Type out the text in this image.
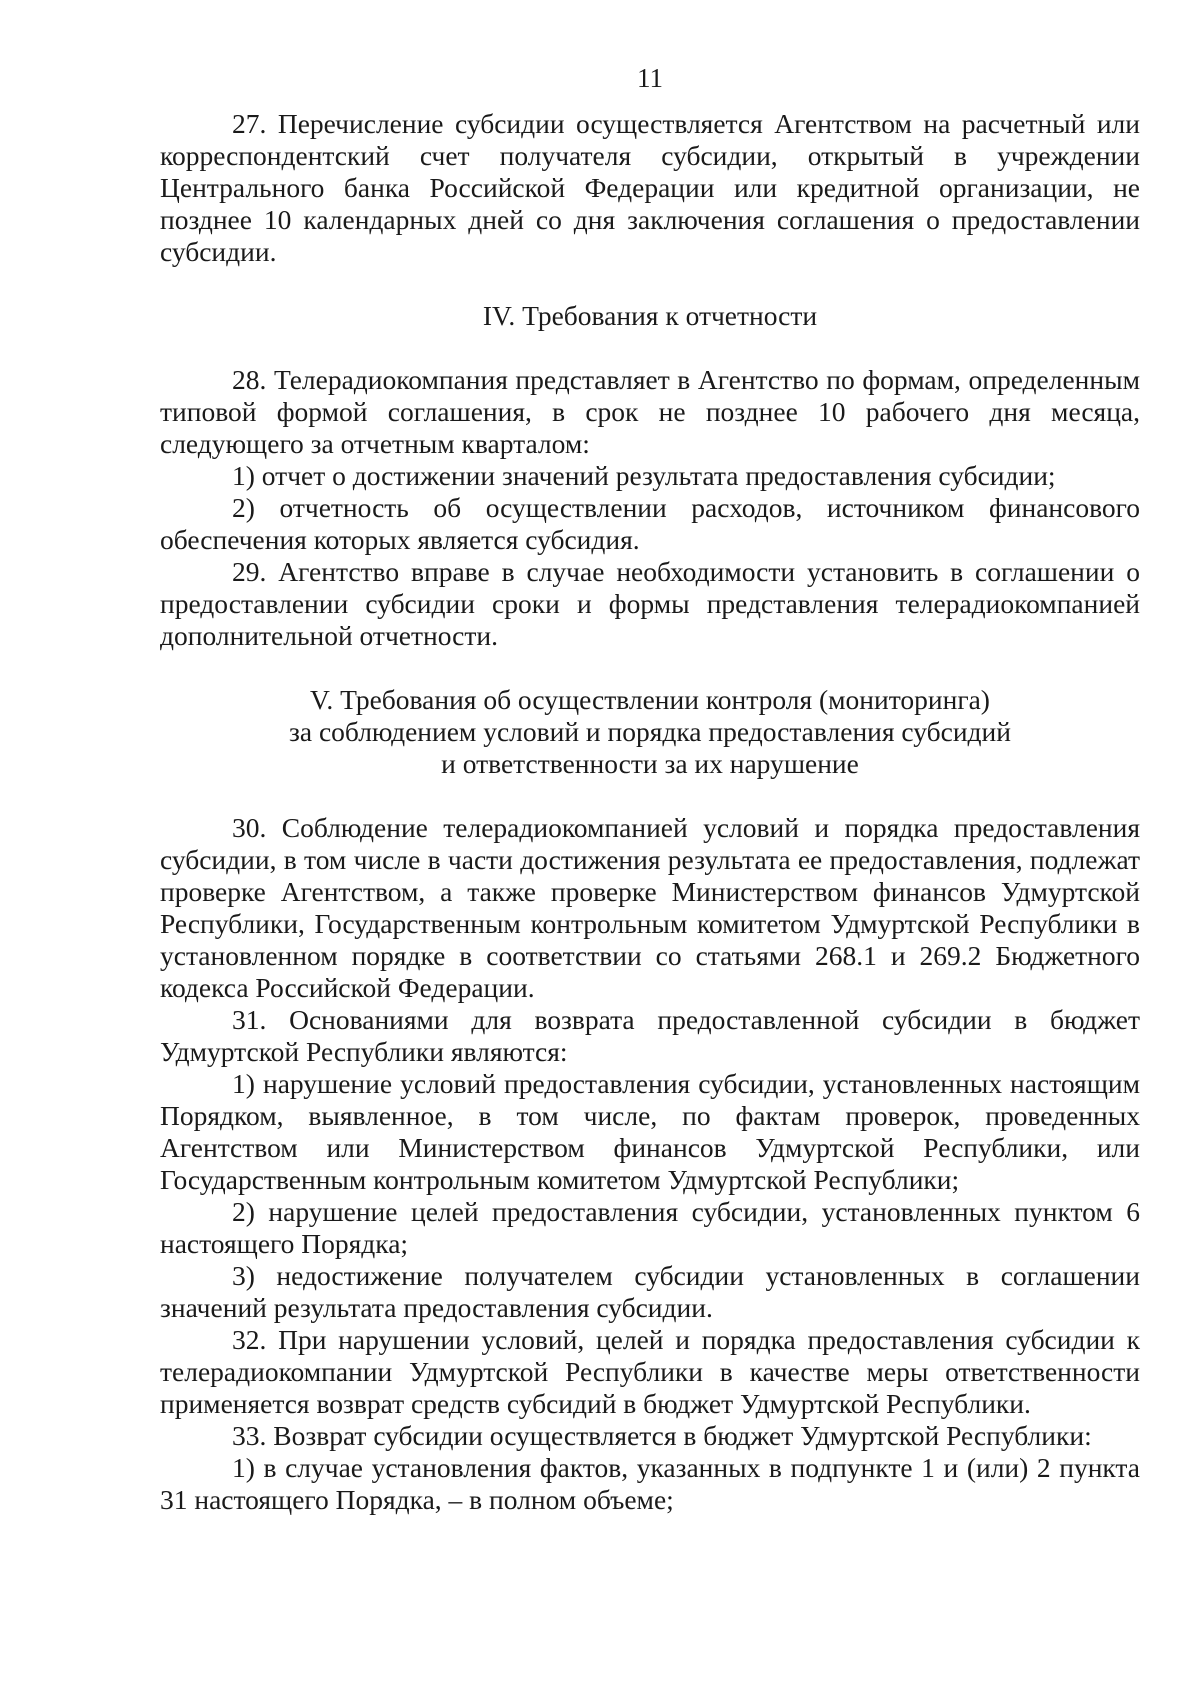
11

27. Перечисление субсидии осуществляется Агентством на расчетный или корреспондентский счет получателя субсидии, открытый в учреждении Центрального банка Российской Федерации или кредитной организации, не позднее 10 календарных дней со дня заключения соглашения о предоставлении субсидии.

IV. Требования к отчетности

28. Телерадиокомпания представляет в Агентство по формам, определенным типовой формой соглашения, в срок не позднее 10 рабочего дня месяца, следующего за отчетным кварталом:

1) отчет о достижении значений результата предоставления субсидии;

2) отчетность об осуществлении расходов, источником финансового обеспечения которых является субсидия.

29. Агентство вправе в случае необходимости установить в соглашении о предоставлении субсидии сроки и формы представления телерадиокомпанией дополнительной отчетности.

V. Требования об осуществлении контроля (мониторинга)
за соблюдением условий и порядка предоставления субсидий
и ответственности за их нарушение

30. Соблюдение телерадиокомпанией условий и порядка предоставления субсидии, в том числе в части достижения результата ее предоставления, подлежат проверке Агентством, а также проверке Министерством финансов Удмуртской Республики, Государственным контрольным комитетом Удмуртской Республики в установленном порядке в соответствии со статьями 268.1 и 269.2 Бюджетного кодекса Российской Федерации.

31. Основаниями для возврата предоставленной субсидии в бюджет Удмуртской Республики являются:

1) нарушение условий предоставления субсидии, установленных настоящим Порядком, выявленное, в том числе, по фактам проверок, проведенных Агентством или Министерством финансов Удмуртской Республики, или Государственным контрольным комитетом Удмуртской Республики;

2) нарушение целей предоставления субсидии, установленных пунктом 6 настоящего Порядка;

3) недостижение получателем субсидии установленных в соглашении значений результата предоставления субсидии.

32. При нарушении условий, целей и порядка предоставления субсидии к телерадиокомпании Удмуртской Республики в качестве меры ответственности применяется возврат средств субсидий в бюджет Удмуртской Республики.

33. Возврат субсидии осуществляется в бюджет Удмуртской Республики:

1) в случае установления фактов, указанных в подпункте 1 и (или) 2 пункта 31 настоящего Порядка, – в полном объеме;
